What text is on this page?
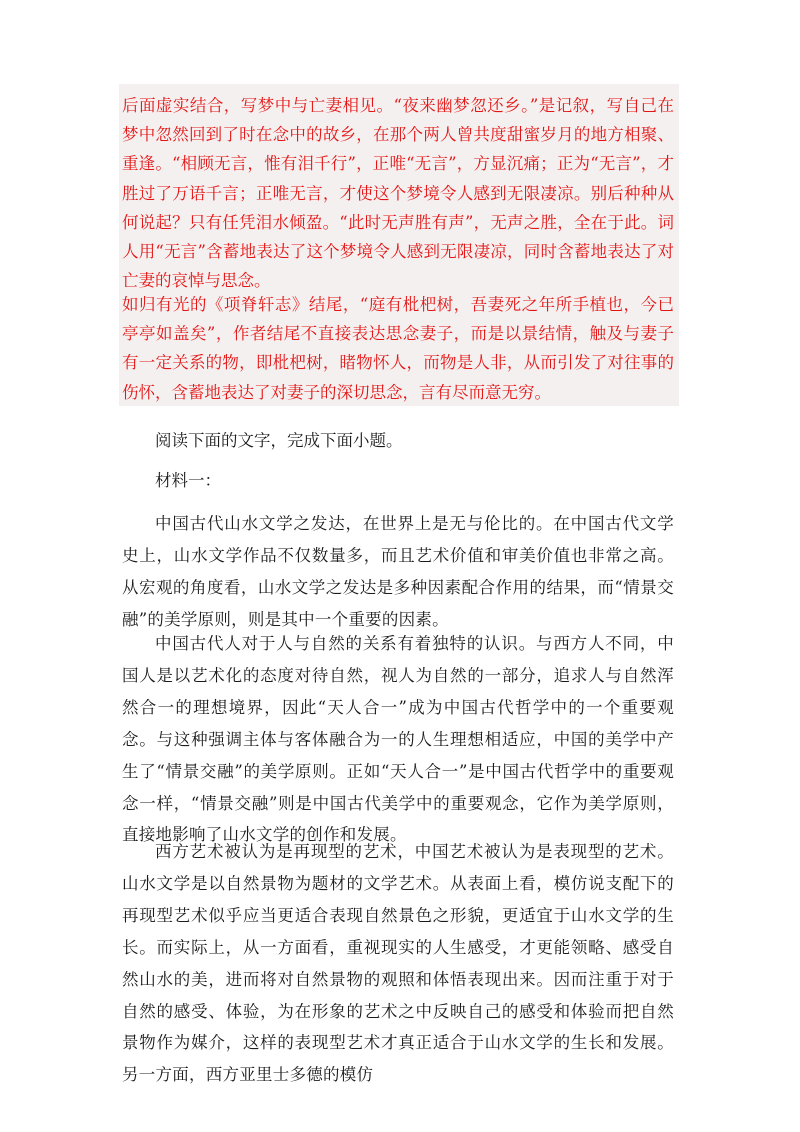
后面虚实结合，写梦中与亡妻相见。“夜来幽梦忽还乡。”是记叙，写自己在梦中忽然回到了时在念中的故乡，在那个两人曾共度甜蜜岁月的地方相聚、重逢。“相顾无言，惟有泪千行”，正唯“无言”，方显沉痛；正为“无言”，才胜过了万语千言；正唯无言，才使这个梦境令人感到无限凄凉。别后种种从何说起？只有任凭泪水倾盈。“此时无声胜有声”，无声之胜，全在于此。词人用“无言”含蓄地表达了这个梦境令人感到无限凄凉，同时含蓄地表达了对亡妻的哀悼与思念。

如归有光的《项脊轩志》结尾，“庭有枇杷树，吾妻死之年所手植也，今已亭亭如盖矣”，作者结尾不直接表达思念妻子，而是以景结情，触及与妻子有一定关系的物，即枇杷树，睹物怀人，而物是人非，从而引发了对往事的伤怀，含蓄地表达了对妻子的深切思念，言有尽而意无穷。

阅读下面的文字，完成下面小题。

材料一：

中国古代山水文学之发达，在世界上是无与伦比的。在中国古代文学史上，山水文学作品不仅数量多，而且艺术价值和审美价值也非常之高。从宏观的角度看，山水文学之发达是多种因素配合作用的结果，而“情景交融”的美学原则，则是其中一个重要的因素。

中国古代人对于人与自然的关系有着独特的认识。与西方人不同，中国人是以艺术化的态度对待自然，视人为自然的一部分，追求人与自然浑然合一的理想境界，因此“天人合一”成为中国古代哲学中的一个重要观念。与这种强调主体与客体融合为一的人生理想相适应，中国的美学中产生了“情景交融”的美学原则。正如“天人合一”是中国古代哲学中的重要观念一样，“情景交融”则是中国古代美学中的重要观念，它作为美学原则，直接地影响了山水文学的创作和发展。

西方艺术被认为是再现型的艺术，中国艺术被认为是表现型的艺术。山水文学是以自然景物为题材的文学艺术。从表面上看，模仿说支配下的再现型艺术似乎应当更适合表现自然景色之形貌，更适宜于山水文学的生长。而实际上，从一方面看，重视现实的人生感受，才更能领略、感受自然山水的美，进而将对自然景物的观照和体悟表现出来。因而注重于对于自然的感受、体验，为在形象的艺术之中反映自己的感受和体验而把自然景物作为媒介，这样的表现型艺术才真正适合于山水文学的生长和发展。另一方面，西方亚里士多德的模仿
